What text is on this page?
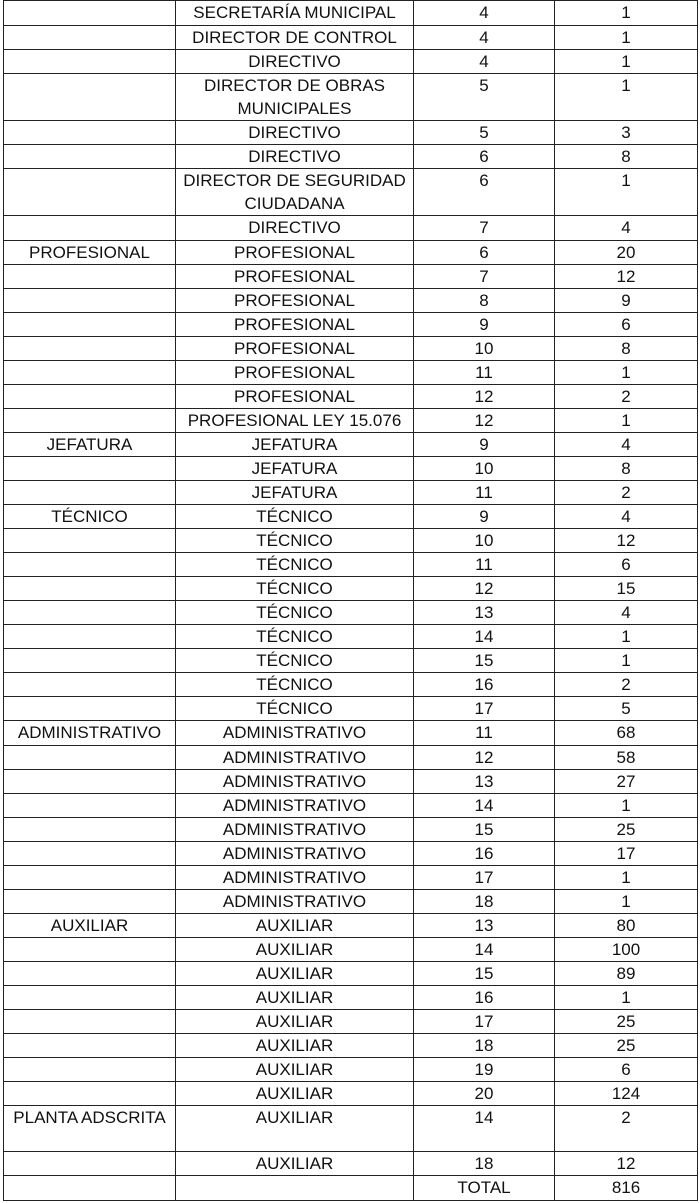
	SECRETARÍA MUNICIPAL	4	1
	DIRECTOR DE CONTROL	4	1
	DIRECTIVO	4	1
	DIRECTOR DE OBRAS MUNICIPALES	5	1
	DIRECTIVO	5	3
	DIRECTIVO	6	8
	DIRECTOR DE SEGURIDAD CIUDADANA	6	1
	DIRECTIVO	7	4
PROFESIONAL	PROFESIONAL	6	20
	PROFESIONAL	7	12
	PROFESIONAL	8	9
	PROFESIONAL	9	6
	PROFESIONAL	10	8
	PROFESIONAL	11	1
	PROFESIONAL	12	2
	PROFESIONAL LEY 15.076	12	1
JEFATURA	JEFATURA	9	4
	JEFATURA	10	8
	JEFATURA	11	2
TÉCNICO	TÉCNICO	9	4
	TÉCNICO	10	12
	TÉCNICO	11	6
	TÉCNICO	12	15
	TÉCNICO	13	4
	TÉCNICO	14	1
	TÉCNICO	15	1
	TÉCNICO	16	2
	TÉCNICO	17	5
ADMINISTRATIVO	ADMINISTRATIVO	11	68
	ADMINISTRATIVO	12	58
	ADMINISTRATIVO	13	27
	ADMINISTRATIVO	14	1
	ADMINISTRATIVO	15	25
	ADMINISTRATIVO	16	17
	ADMINISTRATIVO	17	1
	ADMINISTRATIVO	18	1
AUXILIAR	AUXILIAR	13	80
	AUXILIAR	14	100
	AUXILIAR	15	89
	AUXILIAR	16	1
	AUXILIAR	17	25
	AUXILIAR	18	25
	AUXILIAR	19	6
	AUXILIAR	20	124
PLANTA ADSCRITA	AUXILIAR	14	2
	AUXILIAR	18	12
		TOTAL	816
